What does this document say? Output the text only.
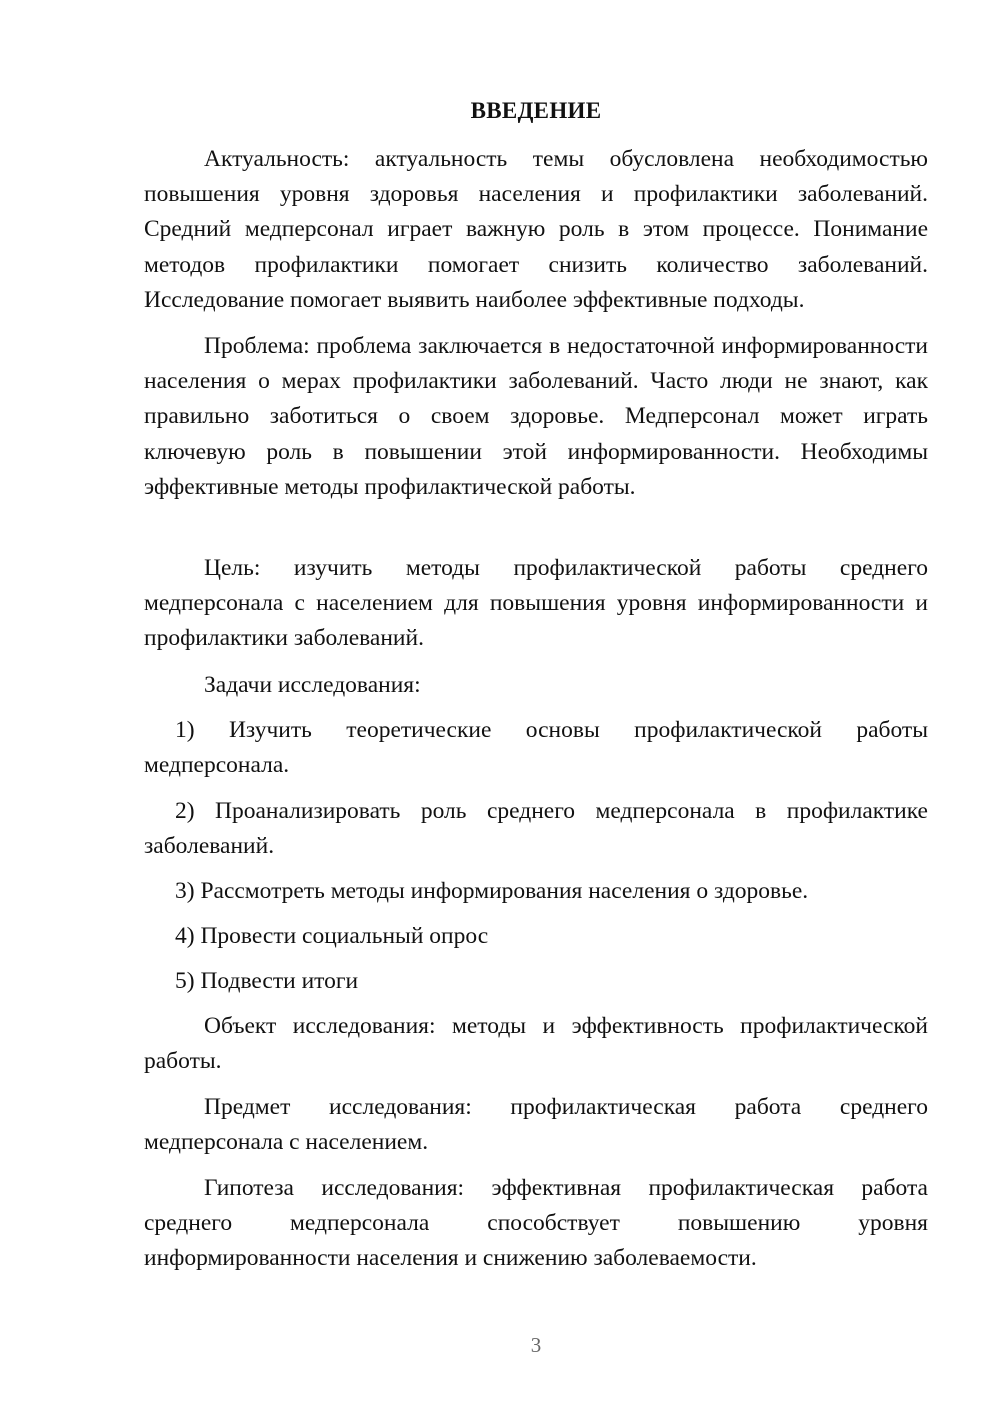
ВВЕДЕНИЕ

Актуальность: актуальность темы обусловлена необходимостью повышения уровня здоровья населения и профилактики заболеваний. Средний медперсонал играет важную роль в этом процессе. Понимание методов профилактики помогает снизить количество заболеваний. Исследование помогает выявить наиболее эффективные подходы.

Проблема: проблема заключается в недостаточной информированности населения о мерах профилактики заболеваний. Часто люди не знают, как правильно заботиться о своем здоровье. Медперсонал может играть ключевую роль в повышении этой информированности. Необходимы эффективные методы профилактической работы.

Цель: изучить методы профилактической работы среднего медперсонала с населением для повышения уровня информированности и профилактики заболеваний.

Задачи исследования:

1) Изучить теоретические основы профилактической работы медперсонала.

2) Проанализировать роль среднего медперсонала в профилактике заболеваний.

3) Рассмотреть методы информирования населения о здоровье.

4) Провести социальный опрос

5) Подвести итоги

Объект исследования: методы и эффективность профилактической работы.

Предмет исследования: профилактическая работа среднего медперсонала с населением.

Гипотеза исследования: эффективная профилактическая работа среднего медперсонала способствует повышению уровня информированности населения и снижению заболеваемости.

3
